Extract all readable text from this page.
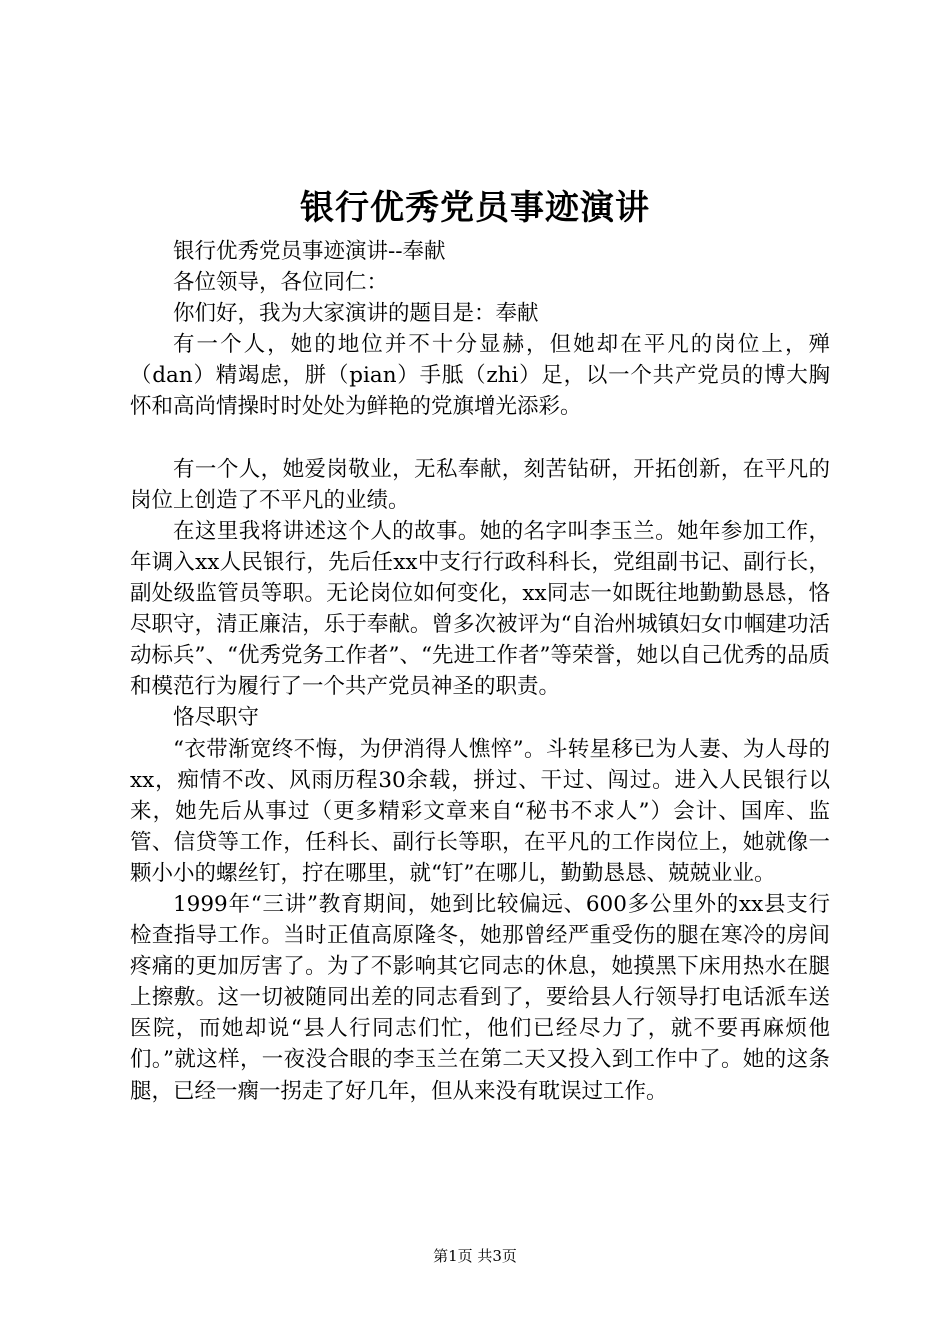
银行优秀党员事迹演讲

银行优秀党员事迹演讲--奉献

各位领导，各位同仁：

你们好，我为大家演讲的题目是：奉献

有一个人，她的地位并不十分显赫，但她却在平凡的岗位上，殚（dan）精竭虑，胼（pian）手胝（zhi）足，以一个共产党员的博大胸怀和高尚情操时时处处为鲜艳的党旗增光添彩。

有一个人，她爱岗敬业，无私奉献，刻苦钻研，开拓创新，在平凡的岗位上创造了不平凡的业绩。

在这里我将讲述这个人的故事。她的名字叫李玉兰。她年参加工作，年调入xx人民银行，先后任xx中支行行政科科长，党组副书记、副行长，副处级监管员等职。无论岗位如何变化，xx同志一如既往地勤勤恳恳，恪尽职守，清正廉洁，乐于奉献。曾多次被评为“自治州城镇妇女巾帼建功活动标兵”、“优秀党务工作者”、“先进工作者”等荣誉，她以自己优秀的品质和模范行为履行了一个共产党员神圣的职责。

恪尽职守

“衣带渐宽终不悔，为伊消得人憔悴”。斗转星移已为人妻、为人母的xx，痴情不改、风雨历程30余载，拼过、干过、闯过。进入人民银行以来，她先后从事过（更多精彩文章来自“秘书不求人”）会计、国库、监管、信贷等工作，任科长、副行长等职，在平凡的工作岗位上，她就像一颗小小的螺丝钉，拧在哪里，就“钉”在哪儿，勤勤恳恳、兢兢业业。

1999年“三讲”教育期间，她到比较偏远、600多公里外的xx县支行检查指导工作。当时正值高原隆冬，她那曾经严重受伤的腿在寒冷的房间疼痛的更加厉害了。为了不影响其它同志的休息，她摸黑下床用热水在腿上擦敷。这一切被随同出差的同志看到了，要给县人行领导打电话派车送医院，而她却说“县人行同志们忙，他们已经尽力了，就不要再麻烦他们。”就这样，一夜没合眼的李玉兰在第二天又投入到工作中了。她的这条腿，已经一瘸一拐走了好几年，但从来没有耽误过工作。

第1页 共3页
